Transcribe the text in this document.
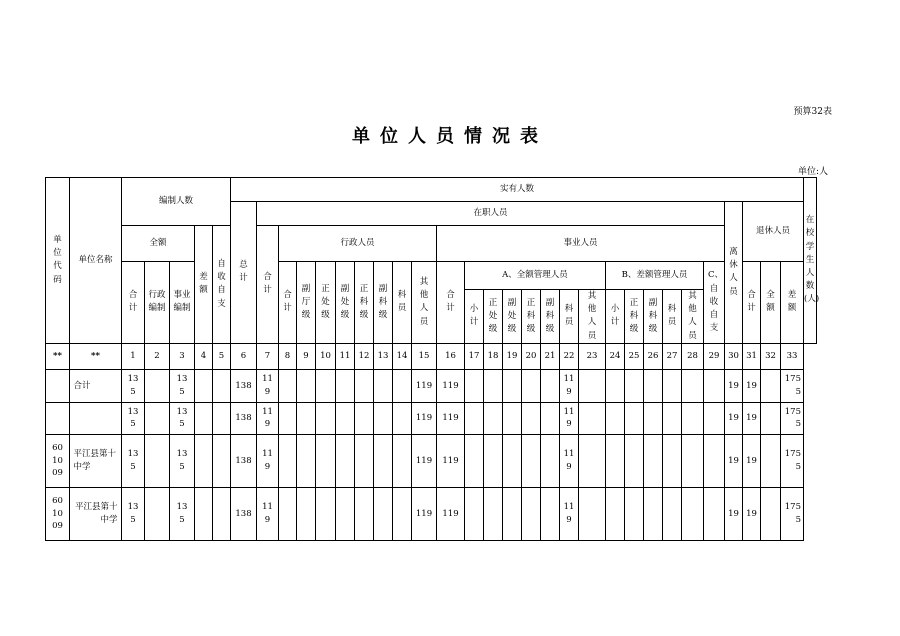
预算32表
单位人员情况表
单位:人
单位代码	单位名称	编制人数					实有人数																												在校学生人数(人)

							总计	在职人员																							离休人员	退休人员			
		全额			差额	自收自支		合计	行政人员								事业人员																		

		合计	行政编制	事业编制					合计	副厅级	正处级	副处级	正科级	副科级	科员	其他人员	合计	A、全额管理人员							B、差额管理人员					C、自收自支		合计	全额	差额	

																		小计	正处级	副处级	正科级	副科级	科员	其他人员	小计	正科级	副科级	科员	其他人员						

**	**	1	2	3	4	5	6	7	8	9	10	11	12	13	14	15	16	17	18	19	20	21	22	23	24	25	26	27	28	29	30	31	32	33	

	合计	135		135			138	119								119	119						119								19	19		1755	

		135		135			138	119								119	119						119								19	19		1755	

601009	平江县第十中学	135		135			138	119								119	119						119								19	19		1755	

601009	平江县第十中学	135		135			138	119								119	119						119								19	19		1755	
